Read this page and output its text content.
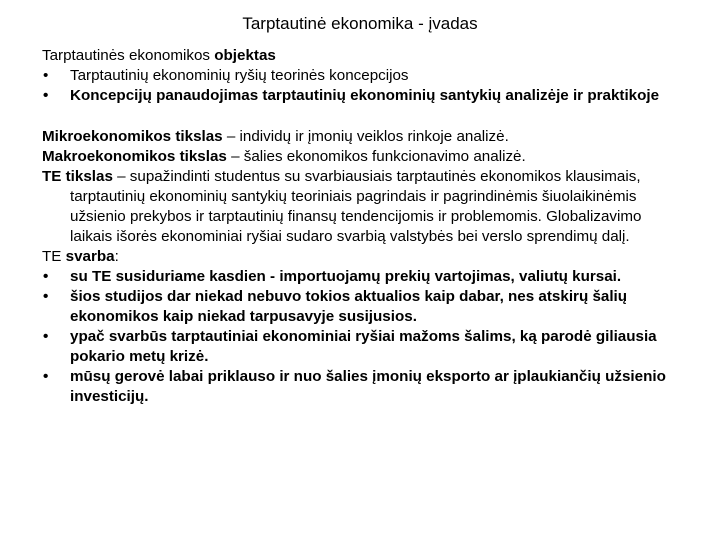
Tarptautinė ekonomika - įvadas

Tarptautinės ekonomikos objektas

• Tarptautinių ekonominių ryšių teorinės koncepcijos

• Koncepcijų panaudojimas tarptautinių ekonominių santykių analizėje ir praktikoje

Mikroekonomikos tikslas – individų ir įmonių veiklos rinkoje analizė.

Makroekonomikos tikslas – šalies ekonomikos funkcionavimo analizė.

TE tikslas – supažindinti studentus su svarbiausiais tarptautinės ekonomikos klausimais, tarptautinių ekonominių santykių teoriniais pagrindais ir pagrindinėmis šiuolaikinėmis užsienio prekybos ir tarptautinių finansų tendencijomis ir problemomis. Globalizavimo laikais išorės ekonominiai ryšiai sudaro svarbią valstybės bei verslo sprendimų dalį.

TE svarba:

• su TE susiduriame kasdien - importuojamų prekių vartojimas, valiutų kursai.

• šios studijos dar niekad nebuvo tokios aktualios kaip dabar, nes atskirų šalių ekonomikos kaip niekad tarpusavyje susijusios.

• ypač svarbūs tarptautiniai ekonominiai ryšiai mažoms šalims, ką parodė giliausia pokario metų krizė.

• mūsų gerovė labai priklauso ir nuo šalies įmonių eksporto ar įplaukiančių užsienio investicijų.
